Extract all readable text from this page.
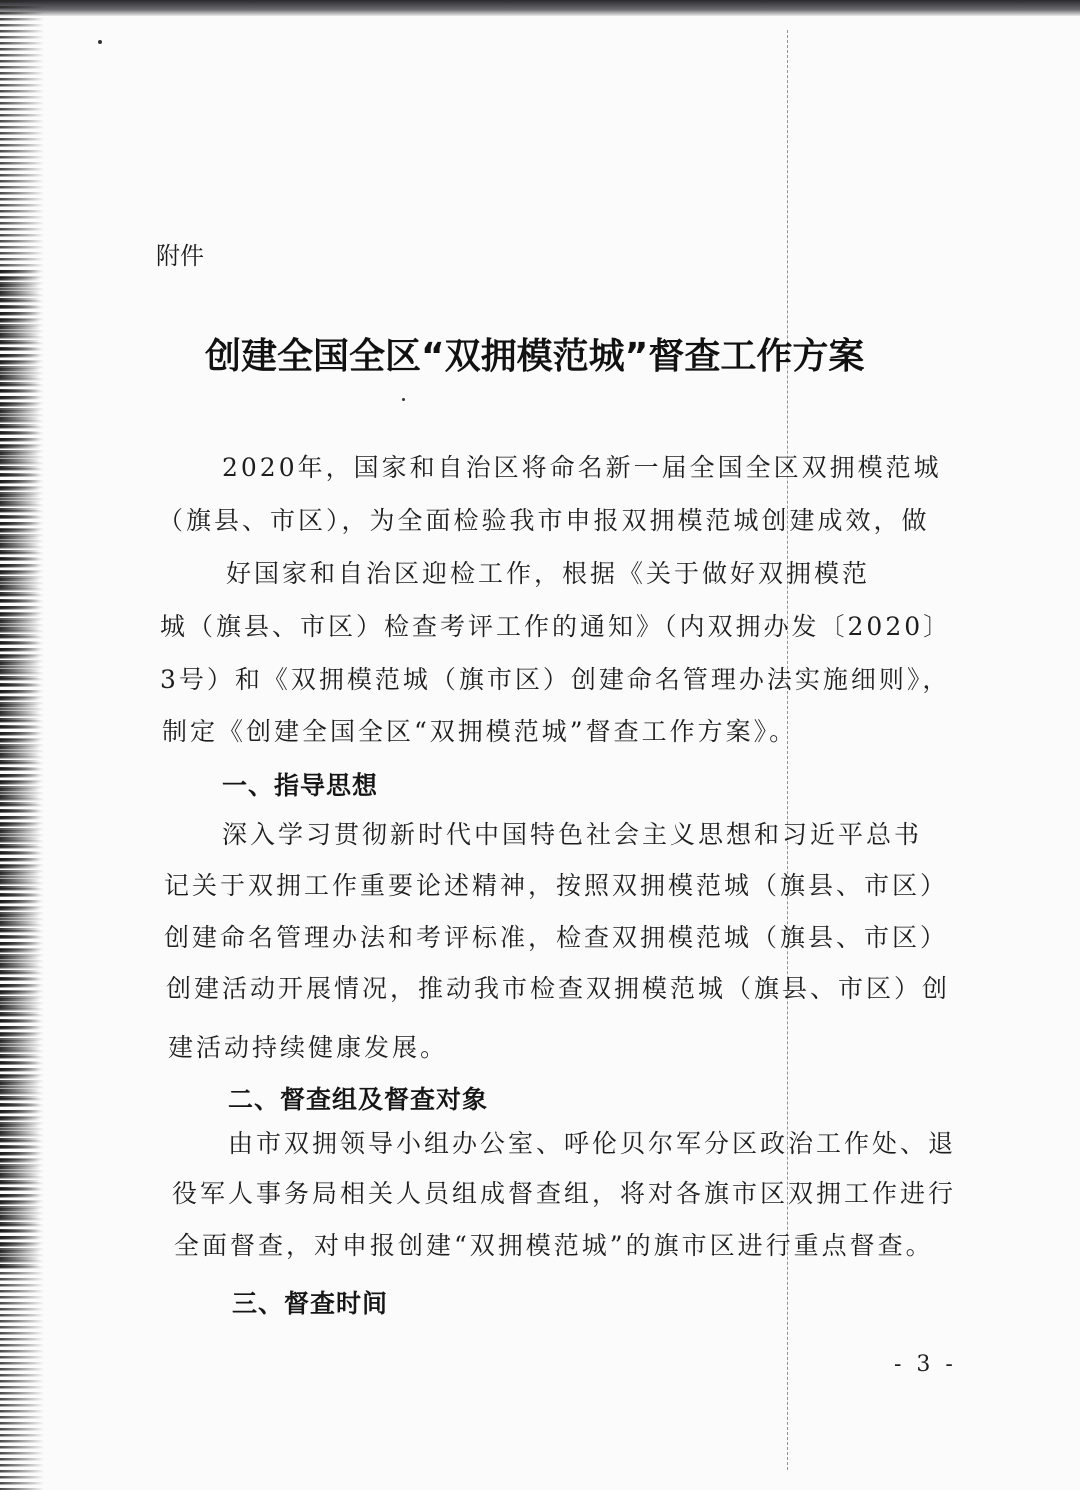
附件

创建全国全区“双拥模范城”督查工作方案

2020年，国家和自治区将命名新一届全国全区双拥模范城

（旗县、市区），为全面检验我市申报双拥模范城创建成效，做

好国家和自治区迎检工作，根据《关于做好双拥模范

城（旗县、市区）检查考评工作的通知》（内双拥办发〔2020〕

3号）和《双拥模范城（旗市区）创建命名管理办法实施细则》，

制定《创建全国全区“双拥模范城”督查工作方案》。

一、指导思想

深入学习贯彻新时代中国特色社会主义思想和习近平总书

记关于双拥工作重要论述精神，按照双拥模范城（旗县、市区）

创建命名管理办法和考评标准，检查双拥模范城（旗县、市区）

创建活动开展情况，推动我市检查双拥模范城（旗县、市区）创

建活动持续健康发展。

二、督查组及督查对象

由市双拥领导小组办公室、呼伦贝尔军分区政治工作处、退

役军人事务局相关人员组成督查组，将对各旗市区双拥工作进行

全面督查，对申报创建“双拥模范城”的旗市区进行重点督查。

三、督查时间

- 3 -
